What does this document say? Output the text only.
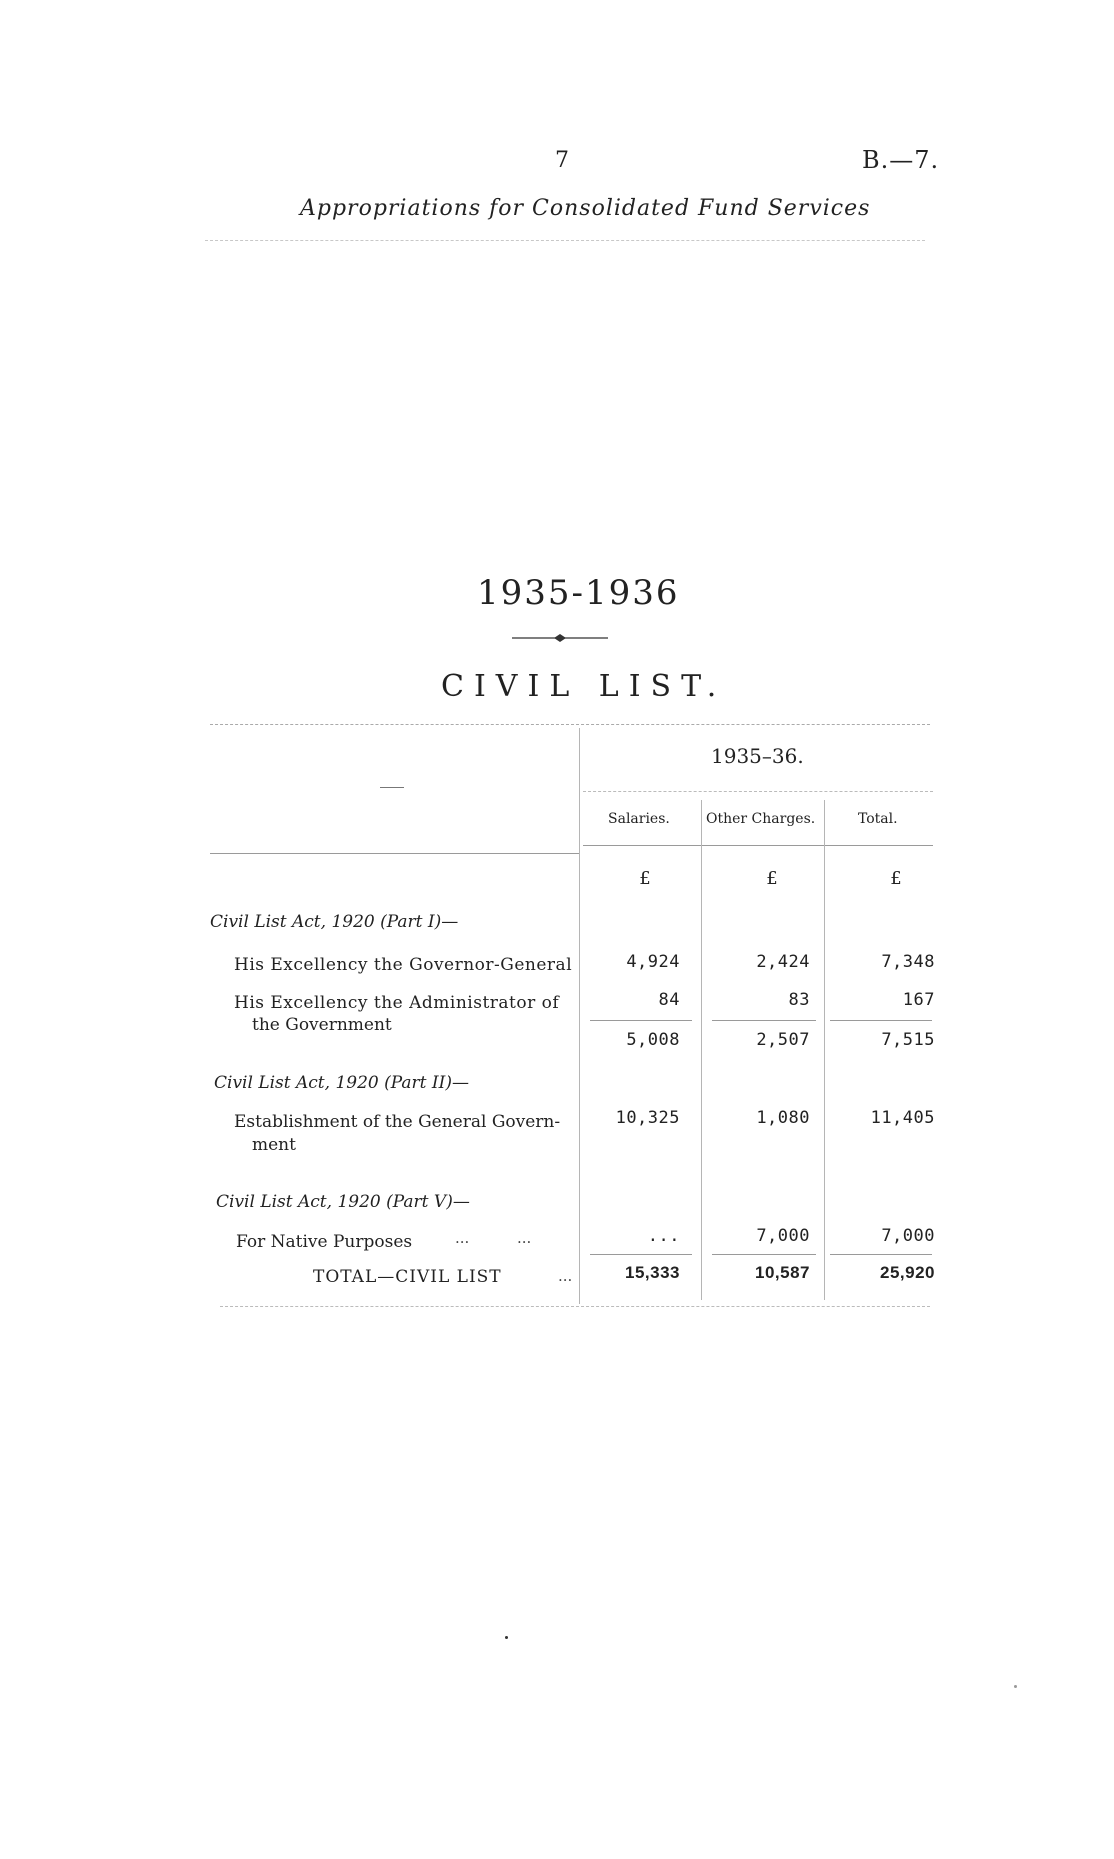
7	B.—7.
Appropriations for Consolidated Fund Services
1935-1936
CIVIL LIST.
1935–36.
Salaries.	Other Charges.	Total.
£	£	£
Civil List Act, 1920 (Part I)—
His Excellency the Governor-General	4,924	2,424	7,348
His Excellency the Administrator of
the Government
84	83	167
5,008	2,507	7,515
Civil List Act, 1920 (Part II)—
Establishment of the General Govern-
ment
10,325	1,080	11,405
Civil List Act, 1920 (Part V)—
For Native Purposes	...          ...	...	7,000	7,000
TOTAL—CIVIL LIST	...	15,333	10,587	25,920
